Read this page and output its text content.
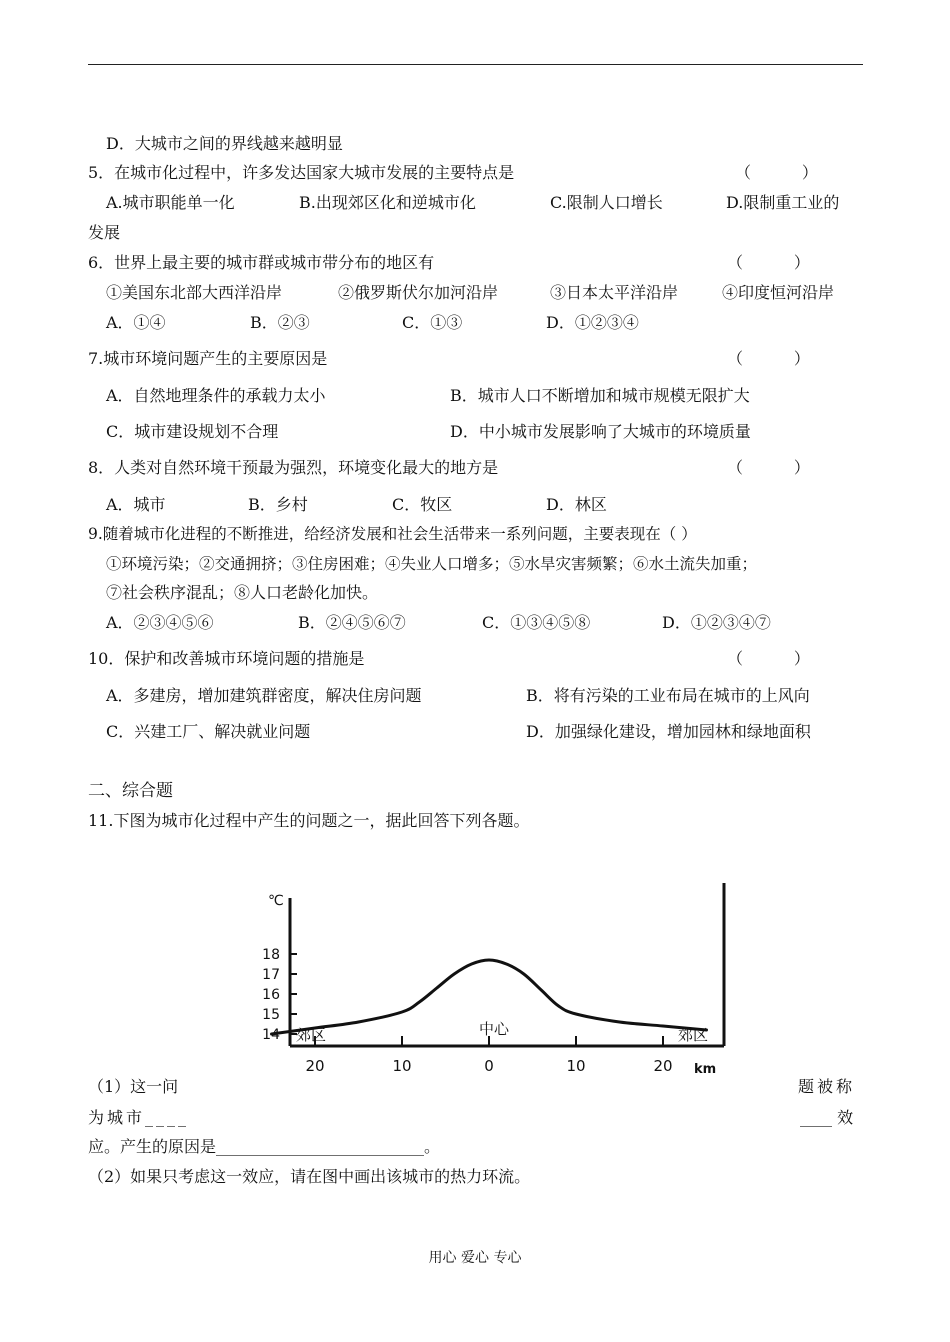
D．大城市之间的界线越来越明显
5．在城市化过程中，许多发达国家大城市发展的主要特点是	（          ）
A.城市职能单一化	B.出现郊区化和逆城市化	C.限制人口增长	D.限制重工业的
发展
6．世界上最主要的城市群或城市带分布的地区有	（          ）
①美国东北部大西洋沿岸	②俄罗斯伏尔加河沿岸	③日本太平洋沿岸	④印度恒河沿岸
A．①④	B．②③	C．①③	D．①②③④
7.城市环境问题产生的主要原因是	（          ）
A．自然地理条件的承载力太小	B．城市人口不断增加和城市规模无限扩大
C．城市建设规划不合理	D．中小城市发展影响了大城市的环境质量
8．人类对自然环境干预最为强烈，环境变化最大的地方是	（          ）
A．城市	B．乡村	C．牧区	D．林区
9.随着城市化进程的不断推进，给经济发展和社会生活带来一系列问题，主要表现在（ ）
①环境污染；②交通拥挤；③住房困难；④失业人口增多；⑤水旱灾害频繁；⑥水土流失加重；
⑦社会秩序混乱；⑧人口老龄化加快。
A．②③④⑤⑥	B．②④⑤⑥⑦	C．①③④⑤⑧	D．①②③④⑦
10．保护和改善城市环境问题的措施是	（          ）
A．多建房，增加建筑群密度，解决住房问题	B．将有污染的工业布局在城市的上风向
C．兴建工厂、解决就业问题	D．加强绿化建设，增加园林和绿地面积
二、综合题
11.下图为城市化过程中产生的问题之一，据此回答下列各题。
14
15
16
17
18
20	10	0	10	20
℃
km
郊区	中心	郊区
（1）这一问	题被称
为城市____	____ 效
应。产生的原因是__________________________。
（2）如果只考虑这一效应，请在图中画出该城市的热力环流。
用心 爱心 专心
